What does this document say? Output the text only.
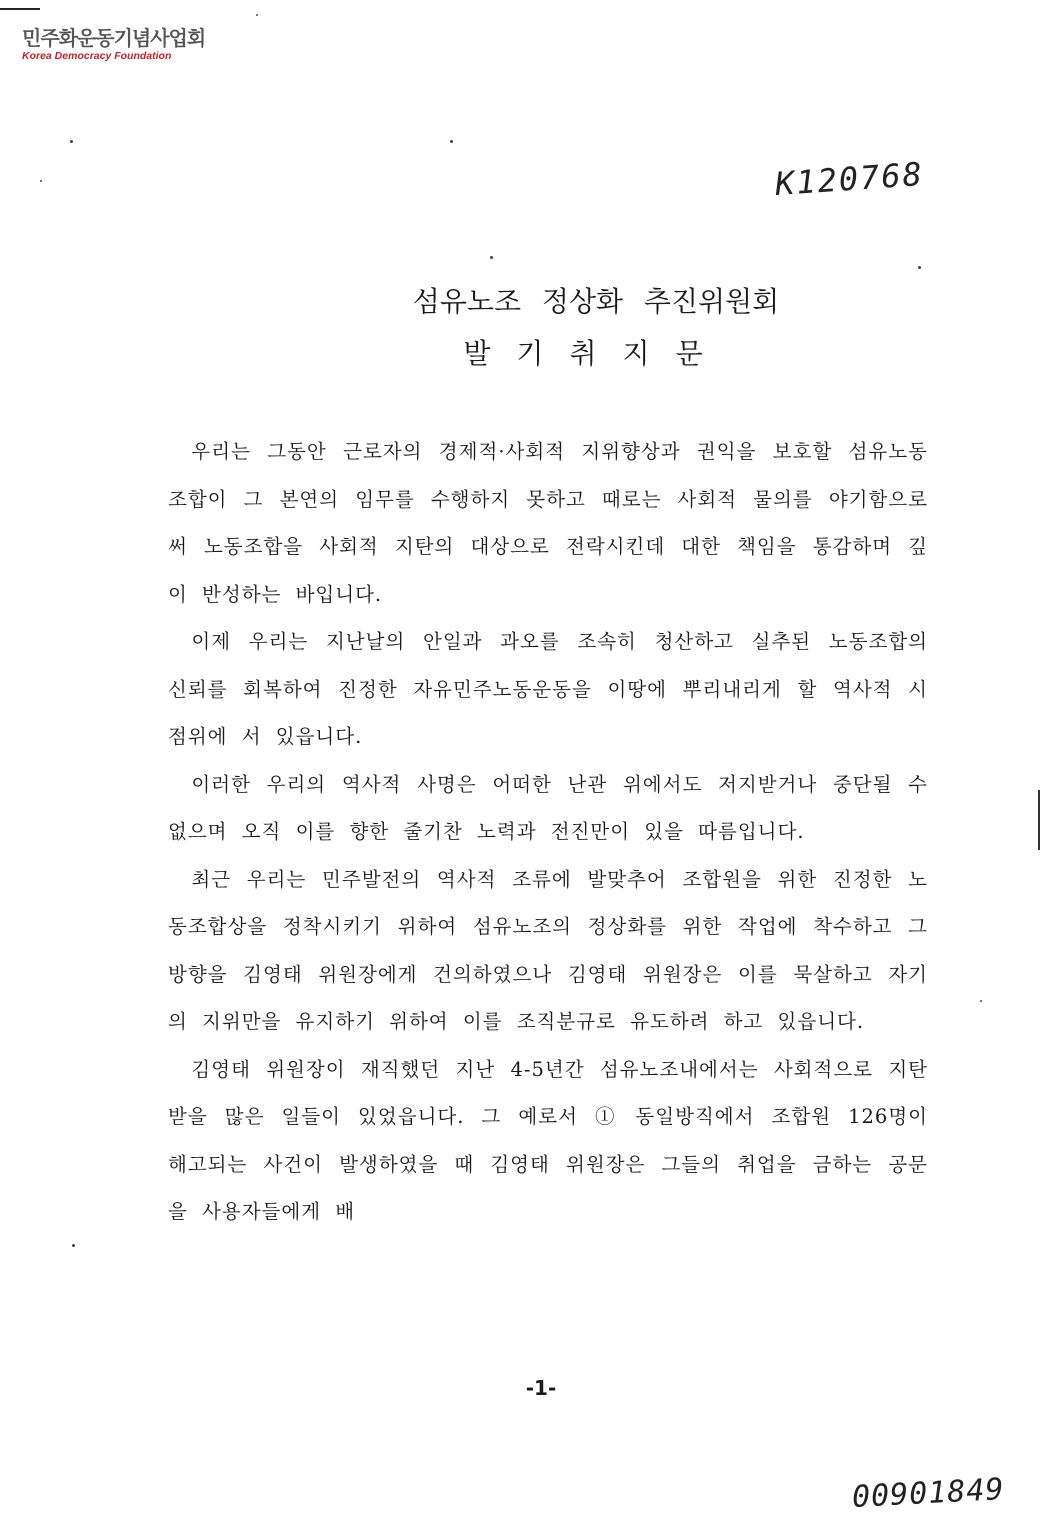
민주화운동기념사업회
Korea Democracy Foundation
K120768
섬유노조 정상화 추진위원회
발기취지문

우리는 그동안 근로자의 경제적·사회적 지위향상과 권익을 보호할 섬유노동조합이 그 본연의 임무를 수행하지 못하고 때로는 사회적 물의를 야기함으로써 노동조합을 사회적 지탄의 대상으로 전락시킨데 대한 책임을 통감하며 깊이 반성하는 바입니다.

이제 우리는 지난날의 안일과 과오를 조속히 청산하고 실추된 노동조합의 신뢰를 회복하여 진정한 자유민주노동운동을 이땅에 뿌리내리게 할 역사적 시점위에 서 있읍니다.

이러한 우리의 역사적 사명은 어떠한 난관 위에서도 저지받거나 중단될 수 없으며 오직 이를 향한 줄기찬 노력과 전진만이 있을 따름입니다.

최근 우리는 민주발전의 역사적 조류에 발맞추어 조합원을 위한 진정한 노동조합상을 정착시키기 위하여 섬유노조의 정상화를 위한 작업에 착수하고 그 방향을 김영태 위원장에게 건의하였으나 김영태 위원장은 이를 묵살하고 자기의 지위만을 유지하기 위하여 이를 조직분규로 유도하려 하고 있읍니다.

김영태 위원장이 재직했던 지난 4-5년간 섬유노조내에서는 사회적으로 지탄받을 많은 일들이 있었읍니다. 그 예로서 ① 동일방직에서 조합원 126명이 해고되는 사건이 발생하였을 때 김영태 위원장은 그들의 취업을 금하는 공문을 사용자들에게 배

-1-
00901849
